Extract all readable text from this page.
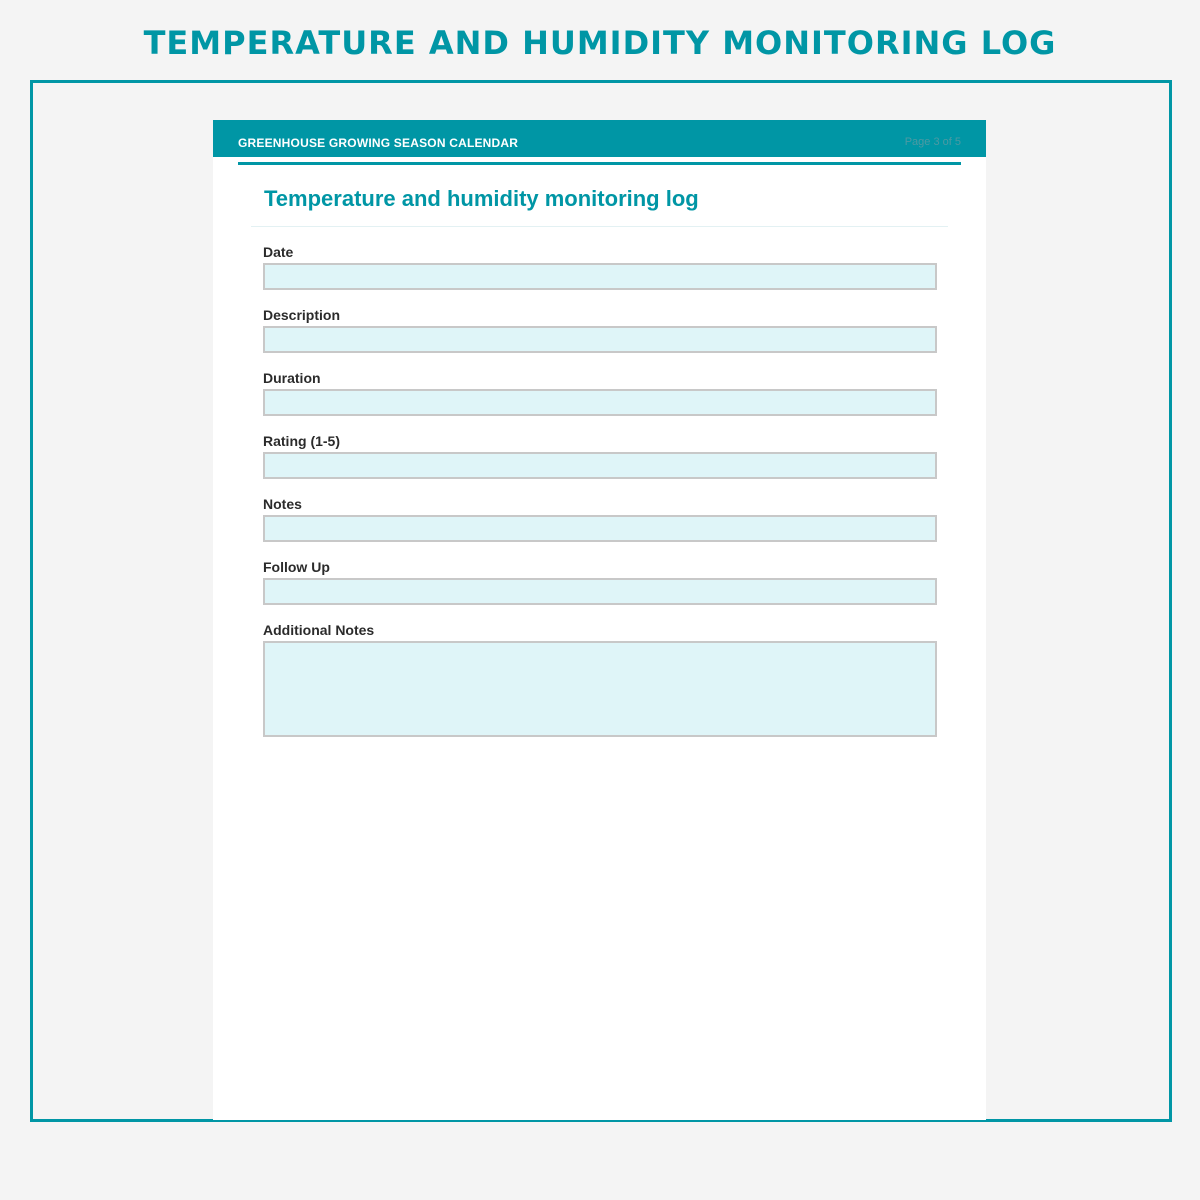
TEMPERATURE AND HUMIDITY MONITORING LOG
GREENHOUSE GROWING SEASON CALENDAR	Page 3 of 5
Temperature and humidity monitoring log
Date
Description
Duration
Rating (1-5)
Notes
Follow Up
Additional Notes
